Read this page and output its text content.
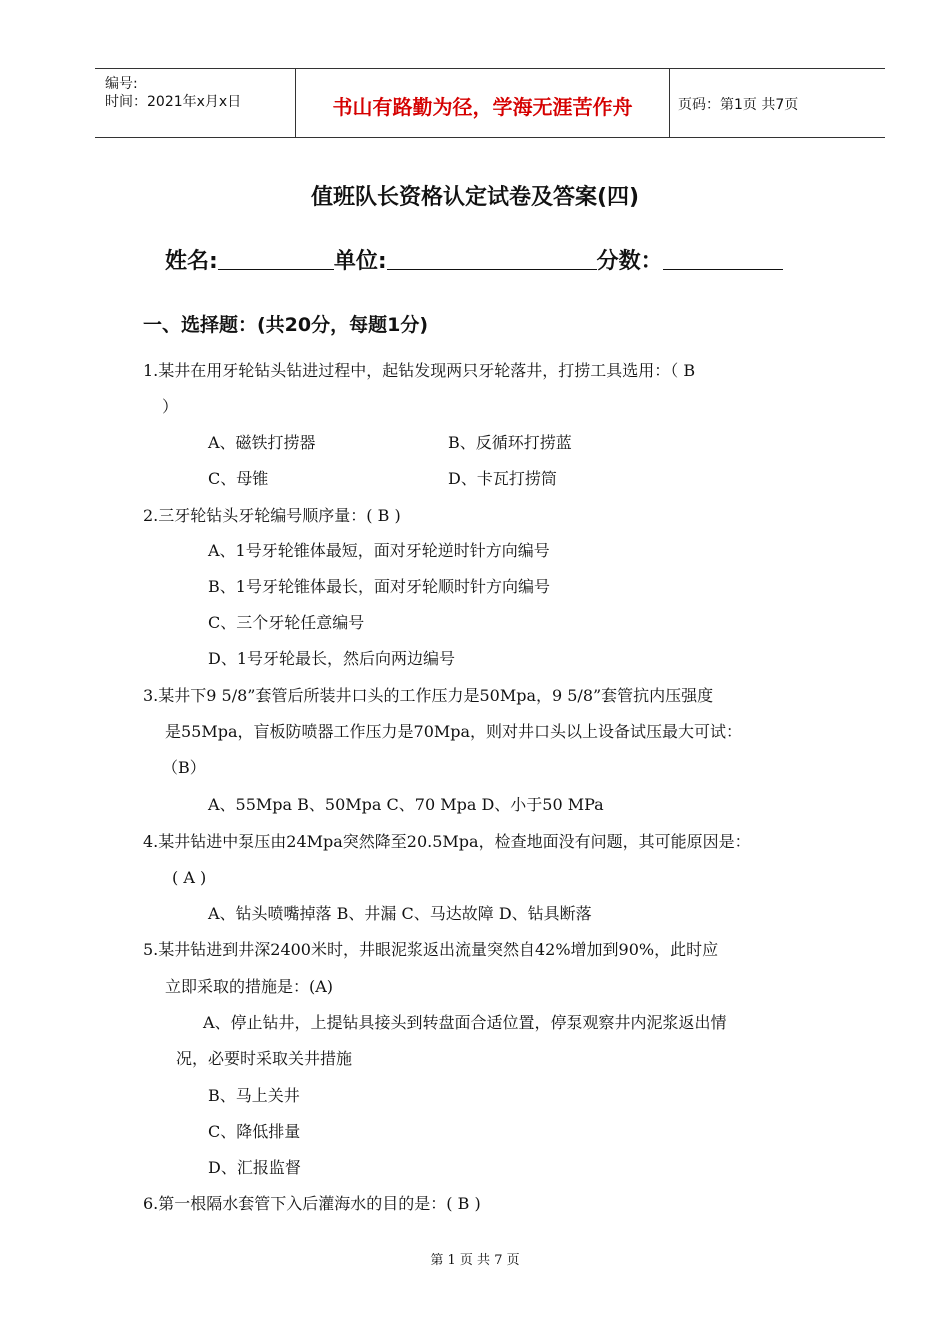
编号:
时间：2021年x月x日	书山有路勤为径，学海无涯苦作舟	页码：第1页 共7页
值班队长资格认定试卷及答案(四)
姓名:	单位:	分数：
一、选择题：(共20分，每题1分)
1.某井在用牙轮钻头钻进过程中，起钻发现两只牙轮落井，打捞工具选用：（ B
）
A、磁铁打捞器	B、反循环打捞蓝
C、母锥	D、卡瓦打捞筒
2.三牙轮钻头牙轮编号顺序量：( B )
A、1号牙轮锥体最短，面对牙轮逆时针方向编号
B、1号牙轮锥体最长，面对牙轮顺时针方向编号
C、三个牙轮任意编号
D、1号牙轮最长，然后向两边编号
3.某井下9 5/8”套管后所装井口头的工作压力是50Mpa，9 5/8”套管抗内压强度
是55Mpa，盲板防喷器工作压力是70Mpa，则对井口头以上设备试压最大可试：
（B）
A、55Mpa B、50Mpa C、70 Mpa D、小于50 MPa
4.某井钻进中泵压由24Mpa突然降至20.5Mpa，检查地面没有问题，其可能原因是：
( A )
A、钻头喷嘴掉落 B、井漏 C、马达故障 D、钻具断落
5.某井钻进到井深2400米时，井眼泥浆返出流量突然自42%增加到90%，此时应
立即采取的措施是：(A)
A、停止钻井，上提钻具接头到转盘面合适位置，停泵观察井内泥浆返出情
况，必要时采取关井措施
B、马上关井
C、降低排量
D、汇报监督
6.第一根隔水套管下入后灌海水的目的是：( B )
第 1 页 共 7 页
